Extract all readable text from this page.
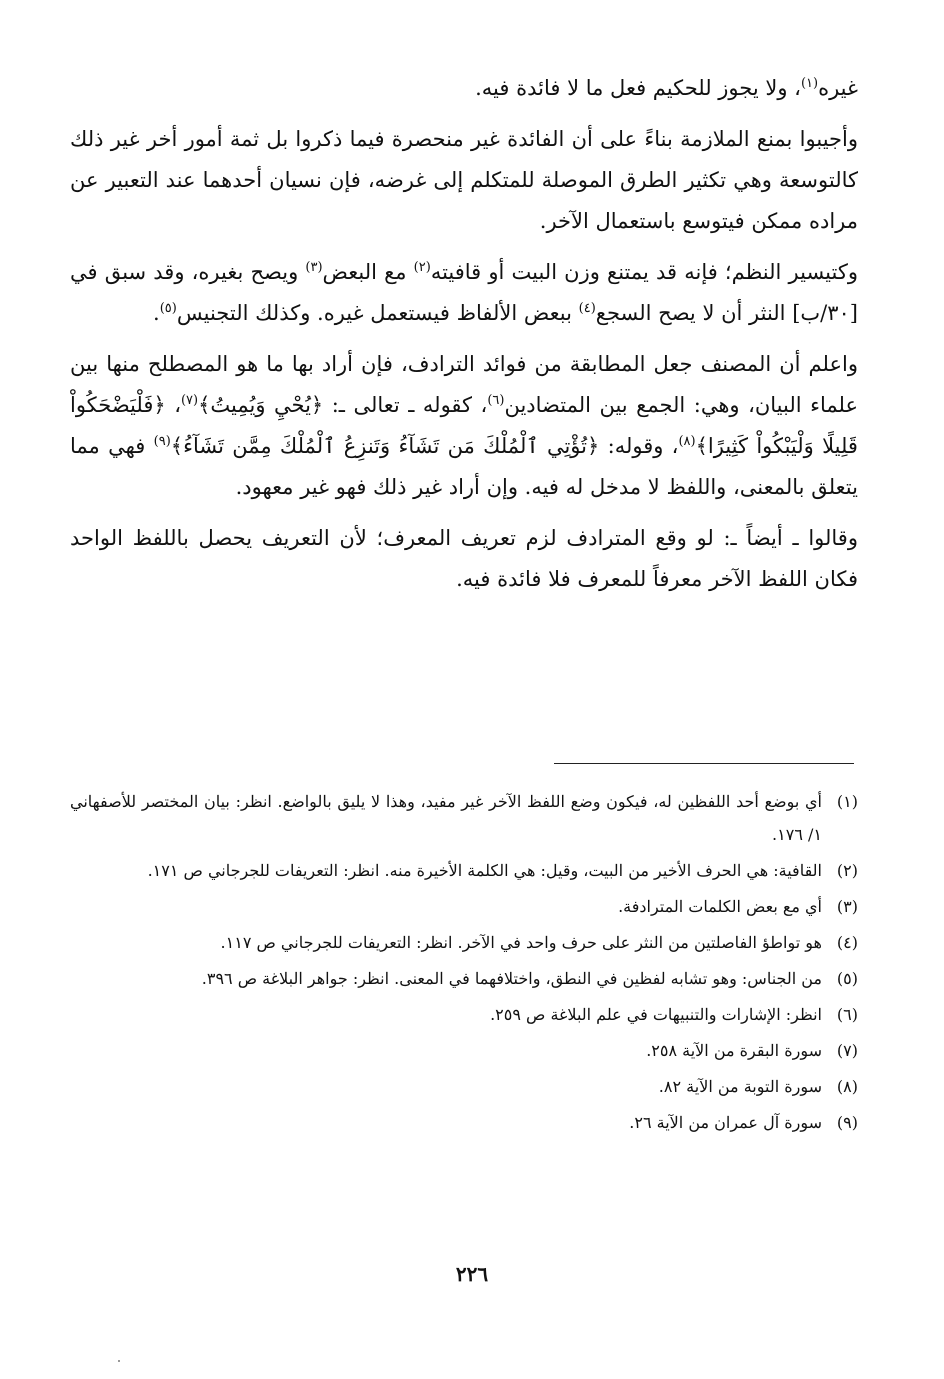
غيره$^{(١)}$، ولا يجوز للحكيم فعل ما لا فائدة فيه.

وأجيبوا بمنع الملازمة بناءً على أن الفائدة غير منحصرة فيما ذكروا بل ثمة أمور أخر غير ذلك كالتوسعة وهي تكثير الطرق الموصلة للمتكلم إلى غرضه، فإن نسيان أحدهما عند التعبير عن مراده ممكن فيتوسع باستعمال الآخر.

وكتيسير النظم؛ فإنه قد يمتنع وزن البيت أو قافيته$^{(٢)}$ مع البعض$^{(٣)}$ ويصح بغيره، وقد سبق في [٣٠/ب] النثر أن لا يصح السجع$^{(٤)}$ ببعض الألفاظ فيستعمل غيره. وكذلك التجنيس$^{(٥)}$.

واعلم أن المصنف جعل المطابقة من فوائد الترادف، فإن أراد بها ما هو المصطلح منها بين علماء البيان، وهي: الجمع بين المتضادين$^{(٦)}$، كقوله ـ تعالى ـ: ﴿يُحْيِ وَيُمِيتُ﴾$^{(٧)}$، ﴿فَلْيَضْحَكُواْ قَلِيلًا وَلْيَبْكُواْ كَثِيرًا﴾$^{(٨)}$، وقوله: ﴿تُؤْتِي ٱلْمُلْكَ مَن تَشَآءُ وَتَنزِعُ ٱلْمُلْكَ مِمَّن تَشَآءُ﴾$^{(٩)}$ فهي مما يتعلق بالمعنى، واللفظ لا مدخل له فيه. وإن أراد غير ذلك فهو غير معهود.

وقالوا ـ أيضاً ـ: لو وقع المترادف لزم تعريف المعرف؛ لأن التعريف يحصل باللفظ الواحد فكان اللفظ الآخر معرفاً للمعرف فلا فائدة فيه.

(١)
أي بوضع أحد اللفظين له، فيكون وضع اللفظ الآخر غير مفيد، وهذا لا يليق بالواضع. انظر: بيان المختصر للأصفهاني ١/ ١٧٦.
(٢)
القافية: هي الحرف الأخير من البيت، وقيل: هي الكلمة الأخيرة منه. انظر: التعريفات للجرجاني ص ١٧١.
(٣)
أي مع بعض الكلمات المترادفة.
(٤)
هو تواطؤ الفاصلتين من النثر على حرف واحد في الآخر. انظر: التعريفات للجرجاني ص ١١٧.
(٥)
من الجناس: وهو تشابه لفظين في النطق، واختلافهما في المعنى. انظر: جواهر البلاغة ص ٣٩٦.
(٦)
انظر: الإشارات والتنبيهات في علم البلاغة ص ٢٥٩.
(٧)
سورة البقرة من الآية ٢٥٨.
(٨)
سورة التوبة من الآية ٨٢.
(٩)
سورة آل عمران من الآية ٢٦.
٢٢٦
